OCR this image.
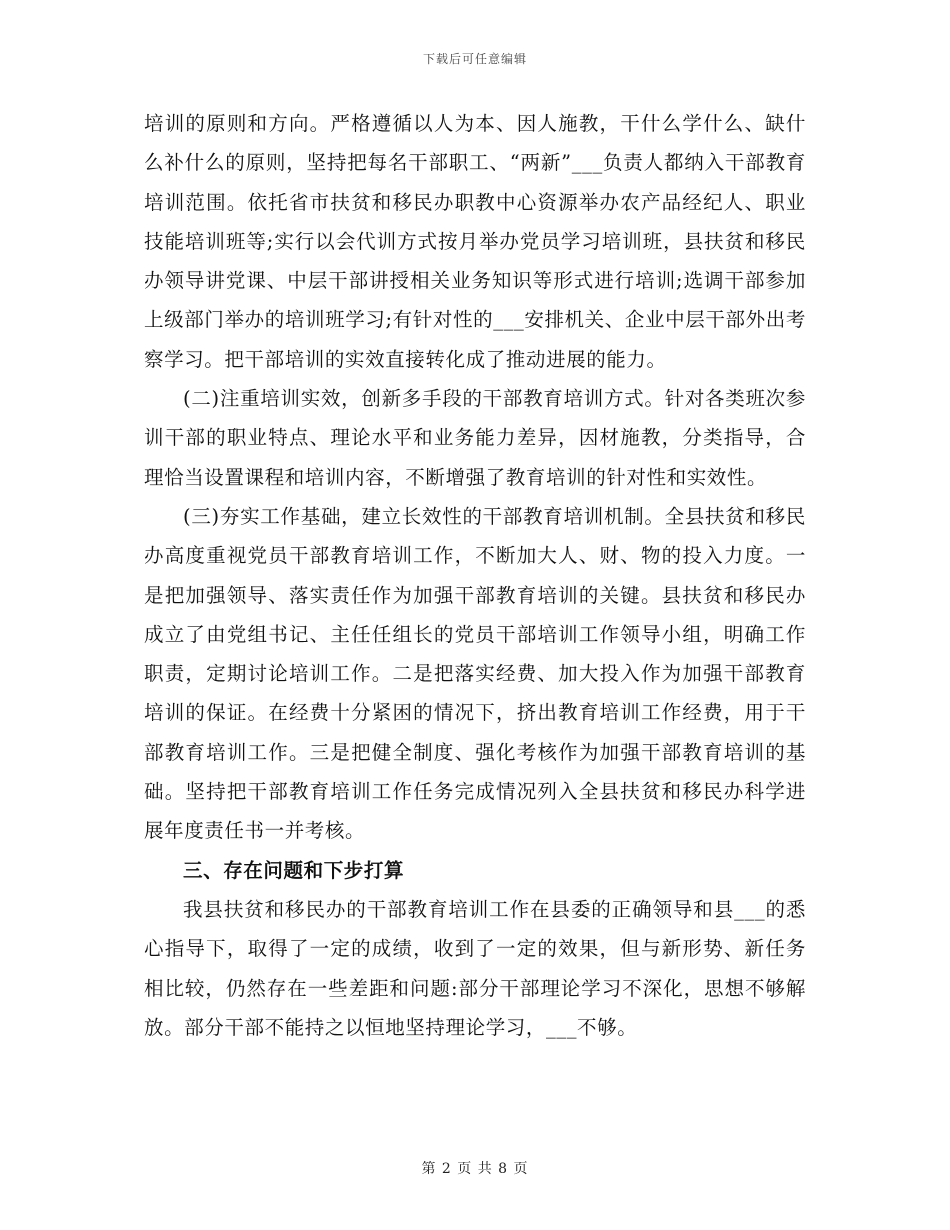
下载后可任意编辑

培训的原则和方向。严格遵循以人为本、因人施教，干什么学什么、缺什么补什么的原则，坚持把每名干部职工、“两新”___负责人都纳入干部教育培训范围。依托省市扶贫和移民办职教中心资源举办农产品经纪人、职业技能培训班等;实行以会代训方式按月举办党员学习培训班，县扶贫和移民办领导讲党课、中层干部讲授相关业务知识等形式进行培训;选调干部参加上级部门举办的培训班学习;有针对性的___安排机关、企业中层干部外出考察学习。把干部培训的实效直接转化成了推动进展的能力。

(二)注重培训实效，创新多手段的干部教育培训方式。针对各类班次参训干部的职业特点、理论水平和业务能力差异，因材施教，分类指导，合理恰当设置课程和培训内容，不断增强了教育培训的针对性和实效性。

(三)夯实工作基础，建立长效性的干部教育培训机制。全县扶贫和移民办高度重视党员干部教育培训工作，不断加大人、财、物的投入力度。一是把加强领导、落实责任作为加强干部教育培训的关键。县扶贫和移民办成立了由党组书记、主任任组长的党员干部培训工作领导小组，明确工作职责，定期讨论培训工作。二是把落实经费、加大投入作为加强干部教育培训的保证。在经费十分紧困的情况下，挤出教育培训工作经费，用于干部教育培训工作。三是把健全制度、强化考核作为加强干部教育培训的基础。坚持把干部教育培训工作任务完成情况列入全县扶贫和移民办科学进展年度责任书一并考核。

三、存在问题和下步打算

我县扶贫和移民办的干部教育培训工作在县委的正确领导和县___的悉心指导下，取得了一定的成绩，收到了一定的效果，但与新形势、新任务相比较，仍然存在一些差距和问题:部分干部理论学习不深化，思想不够解放。部分干部不能持之以恒地坚持理论学习，___不够。

第 2 页 共 8 页
